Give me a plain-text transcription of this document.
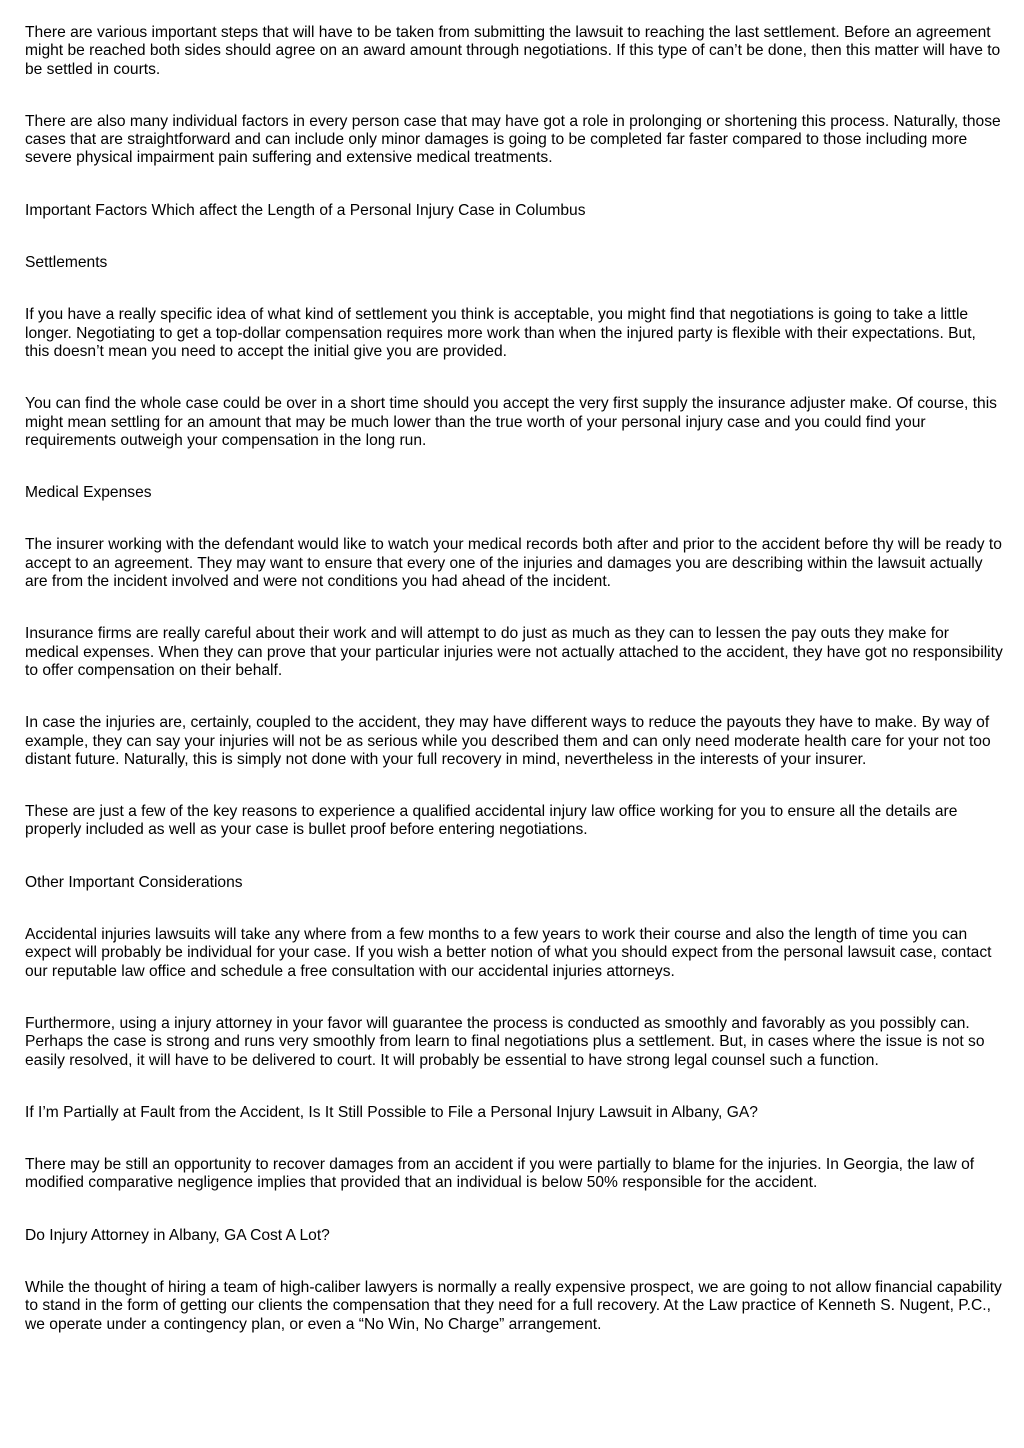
There are various important steps that will have to be taken from submitting the lawsuit to reaching the last settlement. Before an agreement might be reached both sides should agree on an award amount through negotiations. If this type of can’t be done, then this matter will have to be settled in courts.

There are also many individual factors in every person case that may have got a role in prolonging or shortening this process. Naturally, those cases that are straightforward and can include only minor damages is going to be completed far faster compared to those including more severe physical impairment pain suffering and extensive medical treatments.

Important Factors Which affect the Length of a Personal Injury Case in Columbus

Settlements

If you have a really specific idea of what kind of settlement you think is acceptable, you might find that negotiations is going to take a little longer. Negotiating to get a top-dollar compensation requires more work than when the injured party is flexible with their expectations. But, this doesn’t mean you need to accept the initial give you are provided.

You can find the whole case could be over in a short time should you accept the very first supply the insurance adjuster make. Of course, this might mean settling for an amount that may be much lower than the true worth of your personal injury case and you could find your requirements outweigh your compensation in the long run.

Medical Expenses

The insurer working with the defendant would like to watch your medical records both after and prior to the accident before thy will be ready to accept to an agreement. They may want to ensure that every one of the injuries and damages you are describing within the lawsuit actually are from the incident involved and were not conditions you had ahead of the incident.

Insurance firms are really careful about their work and will attempt to do just as much as they can to lessen the pay outs they make for medical expenses. When they can prove that your particular injuries were not actually attached to the accident, they have got no responsibility to offer compensation on their behalf.

In case the injuries are, certainly, coupled to the accident, they may have different ways to reduce the payouts they have to make. By way of example, they can say your injuries will not be as serious while you described them and can only need moderate health care for your not too distant future. Naturally, this is simply not done with your full recovery in mind, nevertheless in the interests of your insurer.

These are just a few of the key reasons to experience a qualified accidental injury law office working for you to ensure all the details are properly included as well as your case is bullet proof before entering negotiations.

Other Important Considerations

Accidental injuries lawsuits will take any where from a few months to a few years to work their course and also the length of time you can expect will probably be individual for your case. If you wish a better notion of what you should expect from the personal lawsuit case, contact our reputable law office and schedule a free consultation with our accidental injuries attorneys.

Furthermore, using a injury attorney in your favor will guarantee the process is conducted as smoothly and favorably as you possibly can. Perhaps the case is strong and runs very smoothly from learn to final negotiations plus a settlement. But, in cases where the issue is not so easily resolved, it will have to be delivered to court. It will probably be essential to have strong legal counsel such a function.

If I’m Partially at Fault from the Accident, Is It Still Possible to File a Personal Injury Lawsuit in Albany, GA?

There may be still an opportunity to recover damages from an accident if you were partially to blame for the injuries. In Georgia, the law of modified comparative negligence implies that provided that an individual is below 50% responsible for the accident.

Do Injury Attorney in Albany, GA Cost A Lot?

While the thought of hiring a team of high-caliber lawyers is normally a really expensive prospect, we are going to not allow financial capability to stand in the form of getting our clients the compensation that they need for a full recovery. At the Law practice of Kenneth S. Nugent, P.C., we operate under a contingency plan, or even a “No Win, No Charge” arrangement.
